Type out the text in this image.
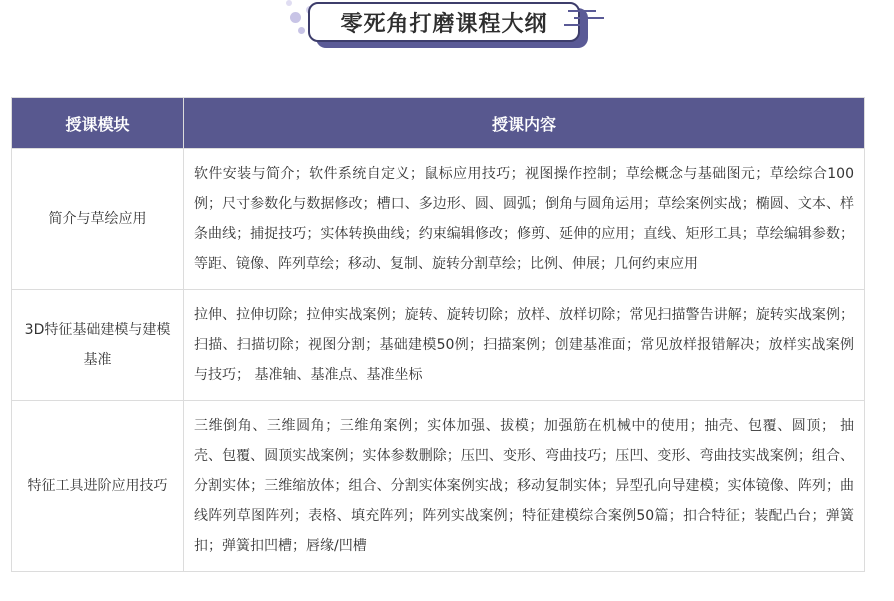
零死角打磨课程大纲
授课模块	授课内容
简介与草绘应用	软件安装与简介；软件系统自定义；鼠标应用技巧；视图操作控制；草绘概念与基础图元；草绘综合100例；尺寸参数化与数据修改；槽口、多边形、圆、圆弧；倒角与圆角运用；草绘案例实战；椭圆、文本、样条曲线；捕捉技巧；实体转换曲线；约束编辑修改；修剪、延伸的应用；直线、矩形工具；草绘编辑参数；等距、镜像、阵列草绘；移动、复制、旋转分割草绘；比例、伸展；几何约束应用
3D特征基础建模与建模基准	拉伸、拉伸切除；拉伸实战案例；旋转、旋转切除；放样、放样切除；常见扫描警告讲解；旋转实战案例；扫描、扫描切除；视图分割；基础建模50例；扫描案例；创建基准面；常见放样报错解决；放样实战案例与技巧； 基准轴、基准点、基准坐标
特征工具进阶应用技巧	三维倒角、三维圆角；三维角案例；实体加强、拔模；加强筋在机械中的使用；抽壳、包覆、圆顶； 抽壳、包覆、圆顶实战案例；实体参数删除；压凹、变形、弯曲技巧；压凹、变形、弯曲技实战案例；组合、分割实体；三维缩放体；组合、分割实体案例实战；移动复制实体；异型孔向导建模；实体镜像、阵列；曲线阵列草图阵列；表格、填充阵列；阵列实战案例；特征建模综合案例50篇；扣合特征；装配凸台；弹簧扣；弹簧扣凹槽；唇缘/凹槽
